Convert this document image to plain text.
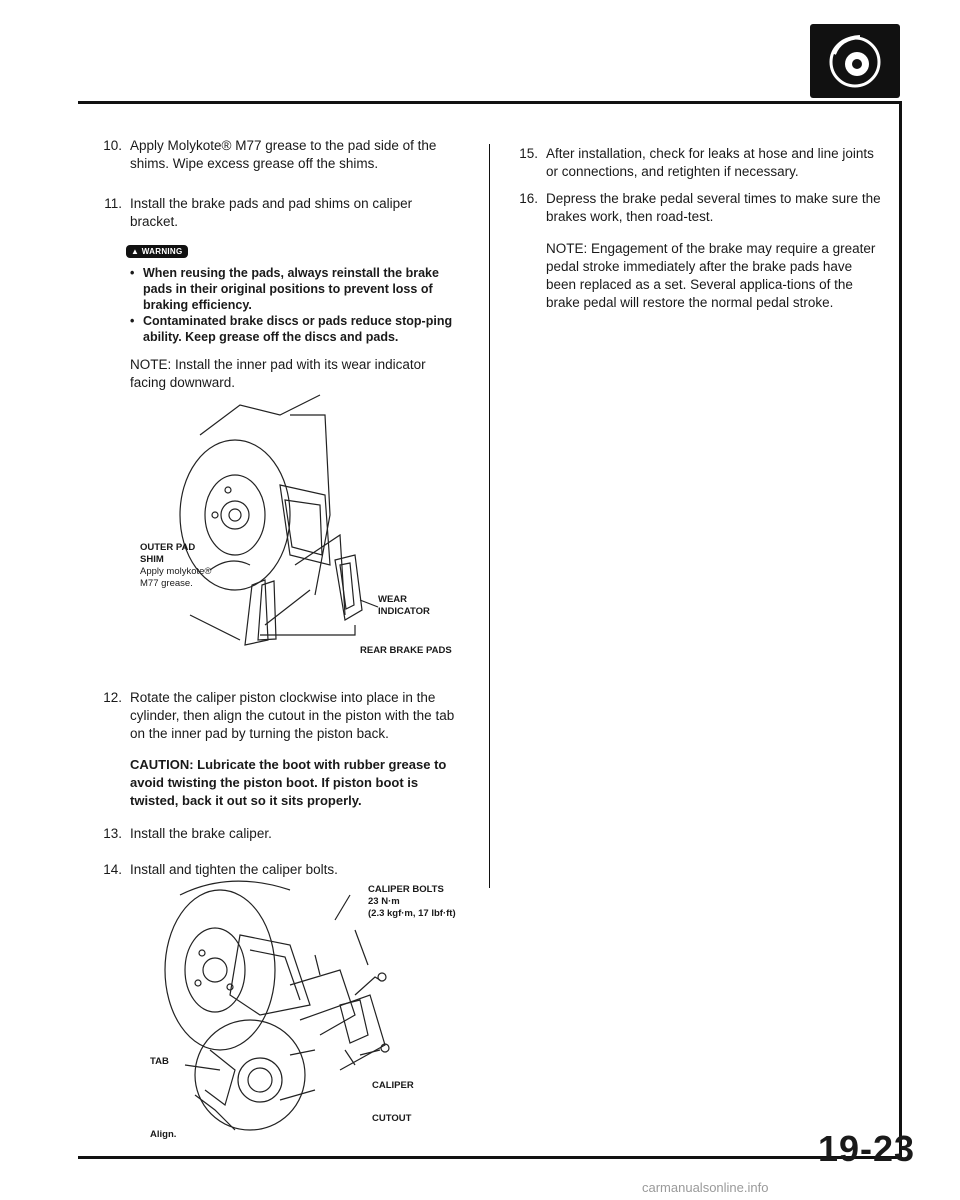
10. Apply Molykote® M77 grease to the pad side of the shims. Wipe excess grease off the shims.
11. Install the brake pads and pad shims on caliper bracket.
▲ WARNING
• When reusing the pads, always reinstall the brake pads in their original positions to prevent loss of braking efficiency.
• Contaminated brake discs or pads reduce stop-ping ability. Keep grease off the discs and pads.
NOTE: Install the inner pad with its wear indicator facing downward.
OUTER PAD
SHIM
Apply molykote®
M77 grease.
WEAR
INDICATOR
REAR BRAKE PADS
12. Rotate the caliper piston clockwise into place in the cylinder, then align the cutout in the piston with the tab on the inner pad by turning the piston back.
CAUTION: Lubricate the boot with rubber grease to avoid twisting the piston boot. If piston boot is twisted, back it out so it sits properly.
13. Install the brake caliper.
14. Install and tighten the caliper bolts.
CALIPER BOLTS
23 N·m
(2.3 kgf·m, 17 lbf·ft)
TAB
CALIPER
CUTOUT
Align.
15. After installation, check for leaks at hose and line joints or connections, and retighten if necessary.
16. Depress the brake pedal several times to make sure the brakes work, then road-test.
NOTE: Engagement of the brake may require a greater pedal stroke immediately after the brake pads have been replaced as a set. Several applica-tions of the brake pedal will restore the normal pedal stroke.
19-23
carmanualsonline.info
